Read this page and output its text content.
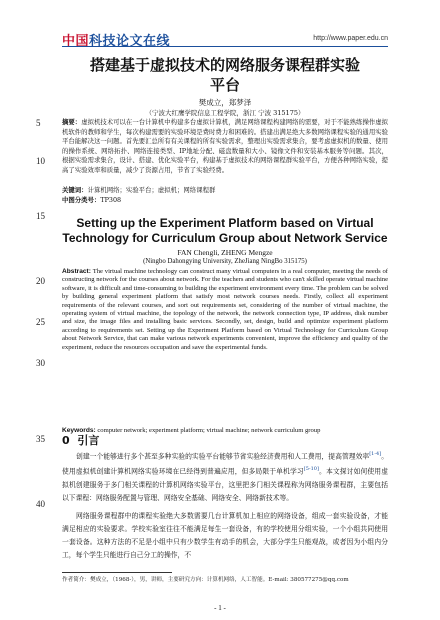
中国科技论文在线	http://www.paper.edu.cn
5
10
15
20
25
30
35
40
搭建基于虚拟技术的网络服务课程群实验
平台
樊成立，郑梦泽
（宁波大红鹰学院信息工程学院，浙江 宁波 315175）
摘要：虚拟机技术可以在一台计算机中构建多台虚拟计算机，满足网络课程构建网络的需要，对于不能熟练操作虚拟机软件的教师和学生，每次构建需要的实验环境是费时费力和困难的。搭建出满足绝大多数网络课程实验的通用实验平台能解决这一问题。首先要汇总所有有关课程的所有实验需求，整理出实验需求集合，要考虑虚拟机的数量、使用的操作系统、网络拓扑、网络连接类型、IP地址分配、磁盘数量和大小、镜像文件和安装基本服务等问题。其次，根据实验需求集合，设计、搭建、优化实验平台，构建基于虚拟技术的网络课程群实验平台，方便各种网络实验，提高了实验效率和质量，减少了资源占用，节省了实验经费。
关键词：计算机网络；实验平台；虚拟机；网络课程群
中图分类号：TP308
Setting up the Experiment Platform based on Virtual
Technology for Curriculum Group about Network Service
FAN Chengli, ZHENG Mengze
(Ningbo Dahongying University, ZheJiang NingBo 315175)
Abstract: The virtual machine technology can construct many virtual computers in a real computer, meeting the needs of constructing network for the courses about network. For the teachers and students who can't skilled operate virtual machine software, it is difficult and time-consuming to building the experiment environment every time. The problem can be solved by building general experiment platform that satisfy most network courses needs. Firstly, collect all experiment requirements of the relevant courses, and sort out requirements set, considering of the number of virtual machine, the operating system of virtual machine, the topology of the network, the network connection type, IP address, disk number and size, the image files and installing basic services. Secondly, set, design, build and optimize experiment platform according to requirements set. Setting up the Experiment Platform based on Virtual Technology for Curriculum Group about Network Service, that can make various network experiments convenient, improve the efficiency and quality of the experiment, reduce the resources occupation and save the experimental funds.
Keywords: computer network; experiment platform; virtual machine; network curriculum group
0 引言
创建一个能够进行多个甚至多种实验的实验平台能够节省实验经济费用和人工费用，提高管理效率[1-4]。使用虚拟机创建计算机网络实验环境在已经得到普遍应用，但多局限于单机学习[5-10]。本文探讨如何使用虚拟机创建服务于多门相关课程的计算机网络实验平台，这里把多门相关课程称为网络服务课程群，主要包括以下课程：网络服务配置与管理、网络安全基础、网络安全、网络新技术等。
网络服务课程群中的课程实验绝大多数需要几台计算机加上相应的网络设备，组成一套实验设备，才能满足相应的实验要求。学校实验室往往不能满足每生一套设备，有的学校使用分组实验，一个小组共同使用一套设备。这种方法的不足是小组中只有少数学生有动手的机会，大部分学生只能观战，或者因为小组内分工，每个学生只能进行自己分工的操作，不
作者简介：樊成立，（1968-），男，讲师，主要研究方向：计算机网络，人工智能。E-mail: 380577275@qq.com
- 1 -
